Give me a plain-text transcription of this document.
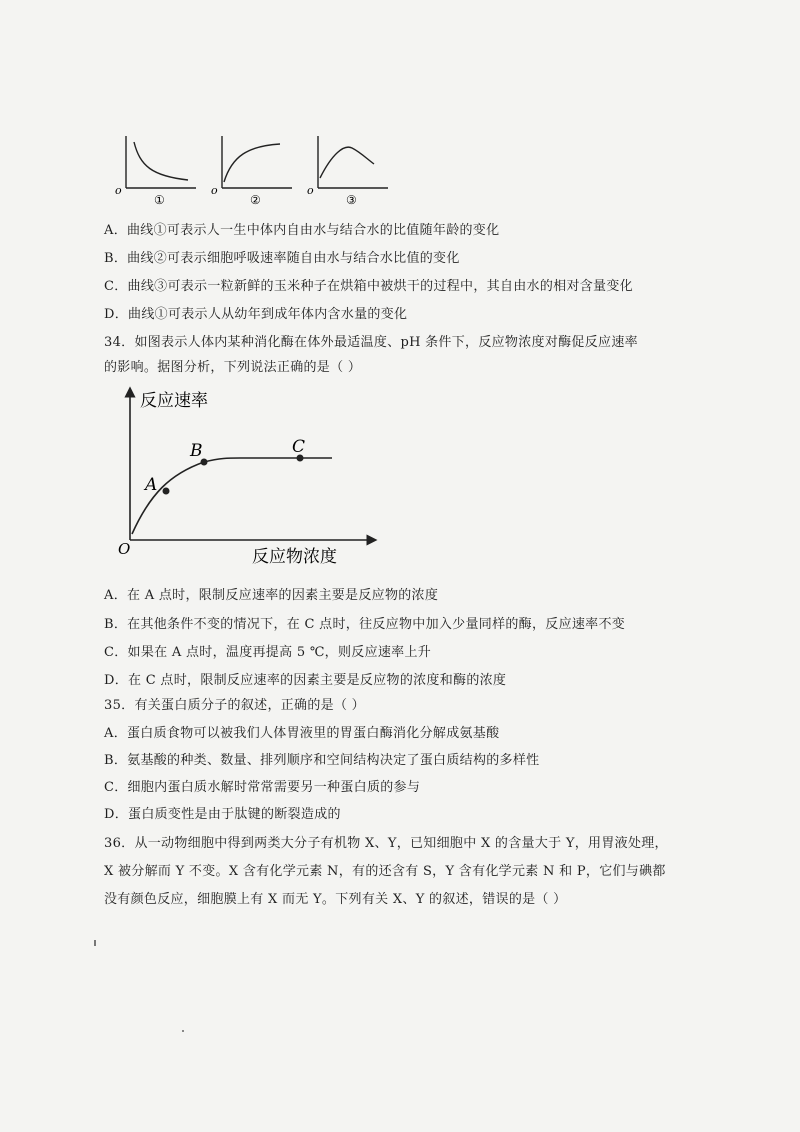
o
①
o
②
o
③
A．曲线①可表示人一生中体内自由水与结合水的比值随年龄的变化
B．曲线②可表示细胞呼吸速率随自由水与结合水比值的变化
C．曲线③可表示一粒新鲜的玉米种子在烘箱中被烘干的过程中，其自由水的相对含量变化
D．曲线①可表示人从幼年到成年体内含水量的变化
34．如图表示人体内某种消化酶在体外最适温度、pH 条件下，反应物浓度对酶促反应速率
的影响。据图分析，下列说法正确的是（ ）
A
B	C
反应速率
反应物浓度
O
A．在 A 点时，限制反应速率的因素主要是反应物的浓度
B．在其他条件不变的情况下，在 C 点时，往反应物中加入少量同样的酶，反应速率不变
C．如果在 A 点时，温度再提高 5 ℃，则反应速率上升
D．在 C 点时，限制反应速率的因素主要是反应物的浓度和酶的浓度
35．有关蛋白质分子的叙述，正确的是（ ）
A．蛋白质食物可以被我们人体胃液里的胃蛋白酶消化分解成氨基酸
B．氨基酸的种类、数量、排列顺序和空间结构决定了蛋白质结构的多样性
C．细胞内蛋白质水解时常常需要另一种蛋白质的参与
D．蛋白质变性是由于肽键的断裂造成的
36．从一动物细胞中得到两类大分子有机物 X、Y，已知细胞中 X 的含量大于 Y，用胃液处理，
X 被分解而 Y 不变。X 含有化学元素 N，有的还含有 S，Y 含有化学元素 N 和 P，它们与碘都
没有颜色反应，细胞膜上有 X 而无 Y。下列有关 X、Y 的叙述，错误的是（ ）
